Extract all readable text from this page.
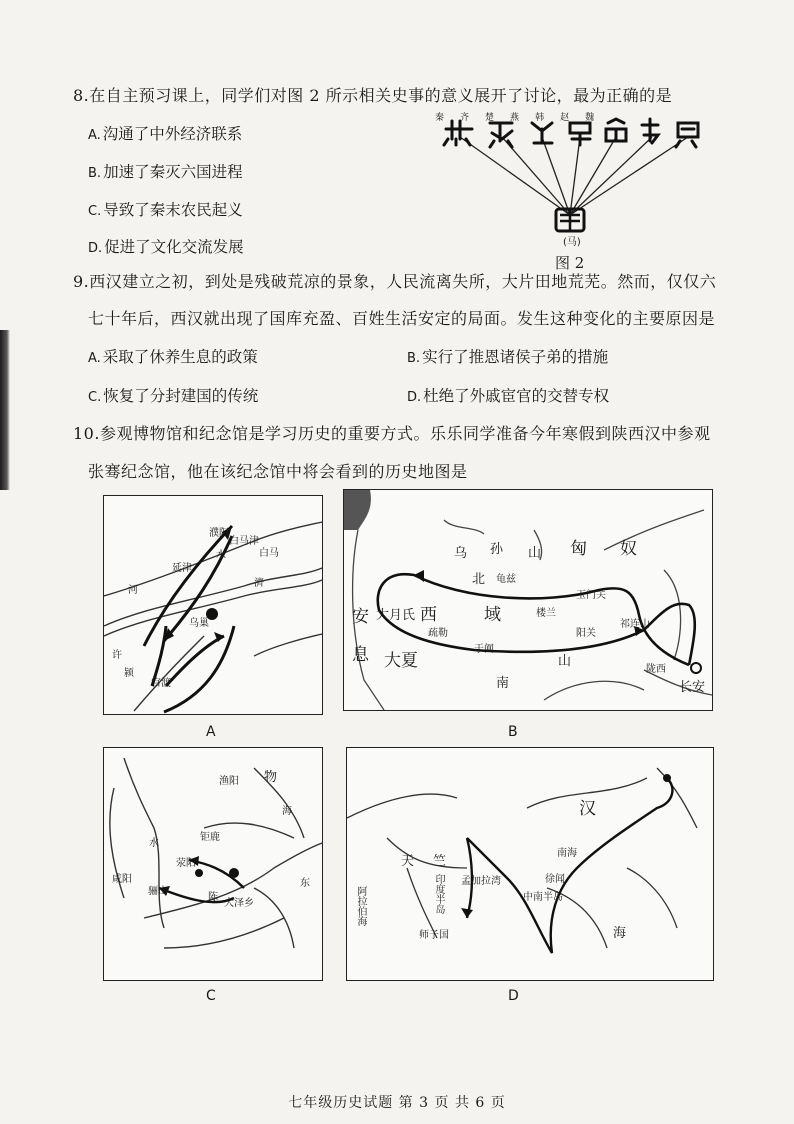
8.在自主预习课上，同学们对图 2 所示相关史事的意义展开了讨论，最为正确的是
A. 沟通了中外经济联系
B. 加速了秦灭六国进程
C. 导致了秦末农民起义
D. 促进了文化交流发展
秦齐楚燕韩赵魏
(马)
图 2
9.西汉建立之初，到处是残破荒凉的景象，人民流离失所，大片田地荒芜。然而，仅仅六
七十年后，西汉就出现了国库充盈、百姓生活安定的局面。发生这种变化的主要原因是
A. 采取了休养生息的政策	B. 实行了推恩诸侯子弟的措施
C. 恢复了分封建国的传统	D. 杜绝了外戚宦官的交替专权
10.参观博物馆和纪念馆是学习历史的重要方式。乐乐同学准备今年寒假到陕西汉中参观
张骞纪念馆，他在该纪念馆中将会看到的历史地图是
濮阳
白马津
白马
延津
河
水
濟
乌巢
官渡
许
颍
A
乌 孙 山
北 龟兹
匈 奴
安 大月氏 西	域
疏勒
楼兰
玉门关
大夏
于阗
阳关
南
山
息
祁连山
陇西
长安
B
渔阳 物
海
水
钜鹿
咸阳
骊山
荥阳
陈
大泽乡
东
C
汉
南海
徐闻
天 竺
印度半岛 孟加拉湾
阿拉伯海
师子国
中南半岛
海
D
七年级历史试题 第 3 页 共 6 页
